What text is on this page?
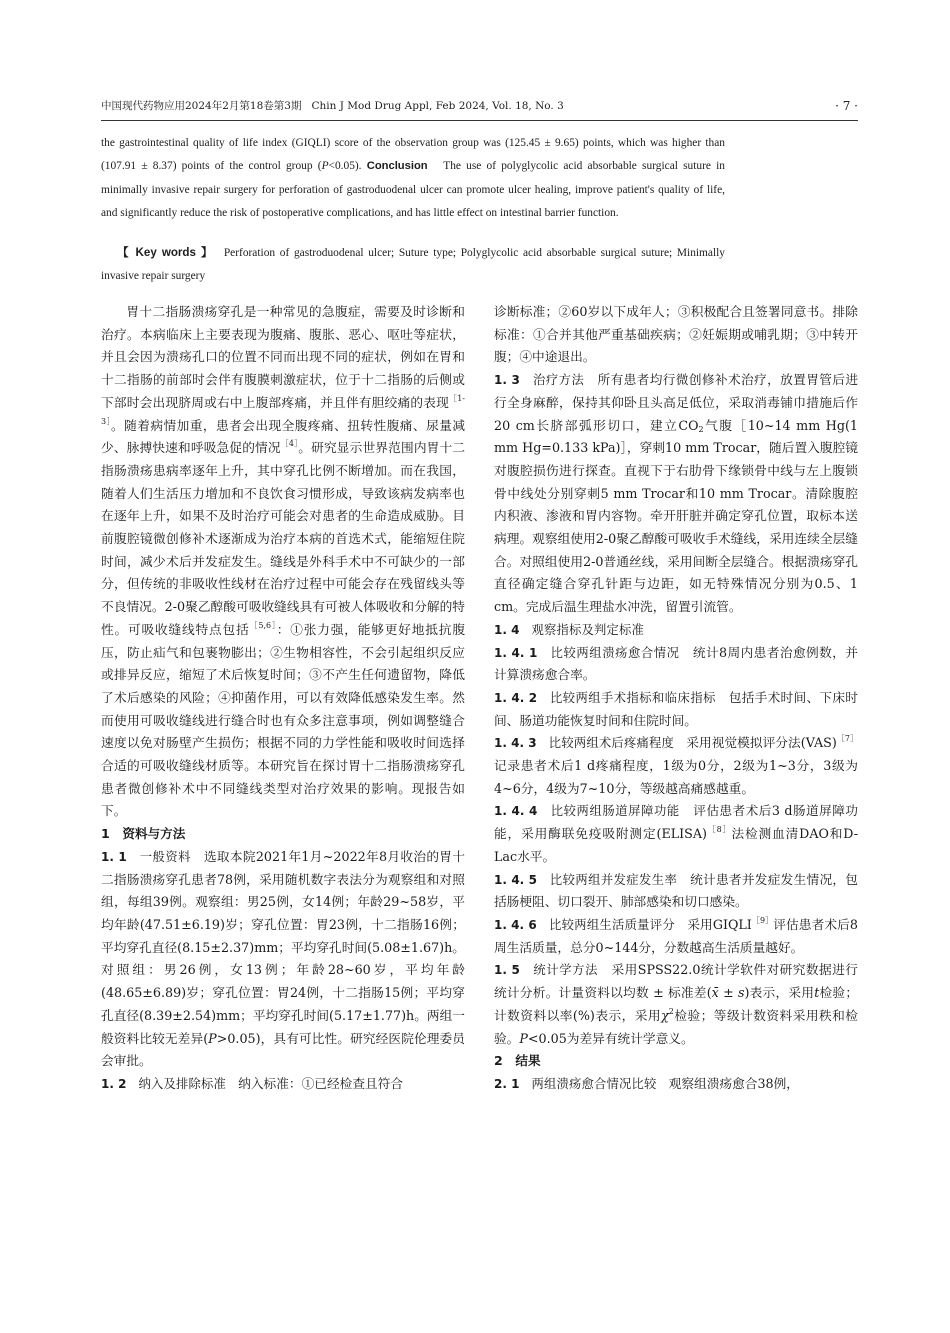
中国现代药物应用2024年2月第18卷第3期 Chin J Mod Drug Appl, Feb 2024, Vol. 18, No. 3	· 7 ·
the gastrointestinal quality of life index (GIQLI) score of the observation group was (125.45 ± 9.65) points, which was higher than (107.91 ± 8.37) points of the control group (P<0.05). Conclusion The use of polyglycolic acid absorbable surgical suture in minimally invasive repair surgery for perforation of gastroduodenal ulcer can promote ulcer healing, improve patient's quality of life, and significantly reduce the risk of postoperative complications, and has little effect on intestinal barrier function.
【 Key words 】 Perforation of gastroduodenal ulcer; Suture type; Polyglycolic acid absorbable surgical suture; Minimally invasive repair surgery

胃十二指肠溃疡穿孔是一种常见的急腹症，需要及时诊断和治疗。本病临床上主要表现为腹痛、腹胀、恶心、呕吐等症状，并且会因为溃疡孔口的位置不同而出现不同的症状，例如在胃和十二指肠的前部时会伴有腹膜刺激症状，位于十二指肠的后侧或下部时会出现脐周或右中上腹部疼痛，并且伴有胆绞痛的表现$^{[1-3]}$。随着病情加重，患者会出现全腹疼痛、扭转性腹痛、尿量减少、脉搏快速和呼吸急促的情况$^{[4]}$。研究显示世界范围内胃十二指肠溃疡患病率逐年上升，其中穿孔比例不断增加。而在我国，随着人们生活压力增加和不良饮食习惯形成，导致该病发病率也在逐年上升，如果不及时治疗可能会对患者的生命造成威胁。目前腹腔镜微创修补术逐渐成为治疗本病的首选术式，能缩短住院时间，减少术后并发症发生。缝线是外科手术中不可缺少的一部分，但传统的非吸收性线材在治疗过程中可能会存在残留线头等不良情况。2-0聚乙醇酸可吸收缝线具有可被人体吸收和分解的特性。可吸收缝线特点包括$^{[5,6]}$：①张力强，能够更好地抵抗腹压，防止疝气和包裹物膨出；②生物相容性，不会引起组织反应或排异反应，缩短了术后恢复时间；③不产生任何遗留物，降低了术后感染的风险；④抑菌作用，可以有效降低感染发生率。然而使用可吸收缝线进行缝合时也有众多注意事项，例如调整缝合速度以免对肠壁产生损伤；根据不同的力学性能和吸收时间选择合适的可吸收缝线材质等。本研究旨在探讨胃十二指肠溃疡穿孔患者微创修补术中不同缝线类型对治疗效果的影响。现报告如下。

1　资料与方法

1. 1 一般资料 选取本院2021年1月~2022年8月收治的胃十二指肠溃疡穿孔患者78例，采用随机数字表法分为观察组和对照组，每组39例。观察组：男25例，女14例；年龄29~58岁，平均年龄(47.51±6.19)岁；穿孔位置：胃23例，十二指肠16例；平均穿孔直径(8.15±2.37)mm；平均穿孔时间(5.08±1.67)h。对照组：男26例，女13例；年龄28~60岁，平均年龄(48.65±6.89)岁；穿孔位置：胃24例，十二指肠15例；平均穿孔直径(8.39±2.54)mm；平均穿孔时间(5.17±1.77)h。两组一般资料比较无差异(P>0.05)，具有可比性。研究经医院伦理委员会审批。

1. 2 纳入及排除标准 纳入标准：①已经检查且符合

诊断标准；②60岁以下成年人；③积极配合且签署同意书。排除标准：①合并其他严重基础疾病；②妊娠期或哺乳期；③中转开腹；④中途退出。

1. 3 治疗方法 所有患者均行微创修补术治疗，放置胃管后进行全身麻醉，保持其仰卧且头高足低位，采取消毒铺巾措施后作20 cm长脐部弧形切口，建立$CO_2$气腹［10~14 mm Hg(1 mm Hg=0.133 kPa)］，穿刺10 mm Trocar，随后置入腹腔镜对腹腔损伤进行探查。直视下于右肋骨下缘锁骨中线与左上腹锁骨中线处分别穿刺5 mm Trocar和10 mm Trocar。清除腹腔内积液、渗液和胃内容物。牵开肝脏并确定穿孔位置，取标本送病理。观察组使用2-0聚乙醇酸可吸收手术缝线，采用连续全层缝合。对照组使用2-0普通丝线，采用间断全层缝合。根据溃疡穿孔直径确定缝合穿孔针距与边距，如无特殊情况分别为0.5、1 cm。完成后温生理盐水冲洗，留置引流管。

1. 4 观察指标及判定标准

1. 4. 1 比较两组溃疡愈合情况 统计8周内患者治愈例数，并计算溃疡愈合率。

1. 4. 2 比较两组手术指标和临床指标 包括手术时间、下床时间、肠道功能恢复时间和住院时间。

1. 4. 3 比较两组术后疼痛程度 采用视觉模拟评分法(VAS)$^{[7]}$记录患者术后1 d疼痛程度，1级为0分，2级为1~3分，3级为4~6分，4级为7~10分，等级越高痛感越重。

1. 4. 4 比较两组肠道屏障功能 评估患者术后3 d肠道屏障功能，采用酶联免疫吸附测定(ELISA)$^{[8]}$法检测血清DAO和D-Lac水平。

1. 4. 5 比较两组并发症发生率 统计患者并发症发生情况，包括肠梗阻、切口裂开、肺部感染和切口感染。

1. 4. 6 比较两组生活质量评分 采用$GIQLI^{[9]}$评估患者术后8周生活质量，总分0~144分，分数越高生活质量越好。

1. 5 统计学方法 采用SPSS22.0统计学软件对研究数据进行统计分析。计量资料以均数 ± 标准差(x̄ ± s)表示，采用t检验；计数资料以率(%)表示，采用$\chi^2$检验；等级计数资料采用秩和检验。P<0.05为差异有统计学意义。

2　结果

2. 1 两组溃疡愈合情况比较 观察组溃疡愈合38例，
